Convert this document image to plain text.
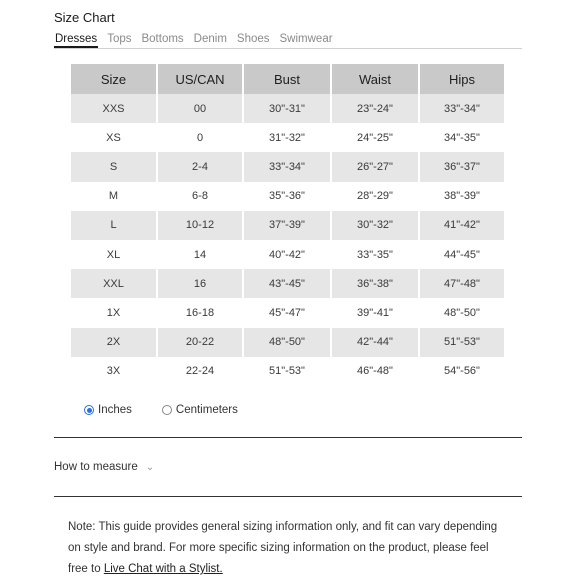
Size Chart
Dresses Tops Bottoms Denim Shoes Swimwear
Size	US/CAN	Bust	Waist	Hips
XXS	00	30"-31"	23"-24"	33"-34"
XS	0	31"-32"	24"-25"	34"-35"
S	2-4	33"-34"	26"-27"	36"-37"
M	6-8	35"-36"	28"-29"	38"-39"
L	10-12	37"-39"	30"-32"	41"-42"
XL	14	40"-42"	33"-35"	44"-45"
XXL	16	43"-45"	36"-38"	47"-48"
1X	16-18	45"-47"	39"-41"	48"-50"
2X	20-22	48"-50"	42"-44"	51"-53"
3X	22-24	51"-53"	46"-48"	54"-56"
Inches	Centimeters
How to measure ⌄
Note: This guide provides general sizing information only, and fit can vary depending on style and brand. For more specific sizing information on the product, please feel free to Live Chat with a Stylist.
